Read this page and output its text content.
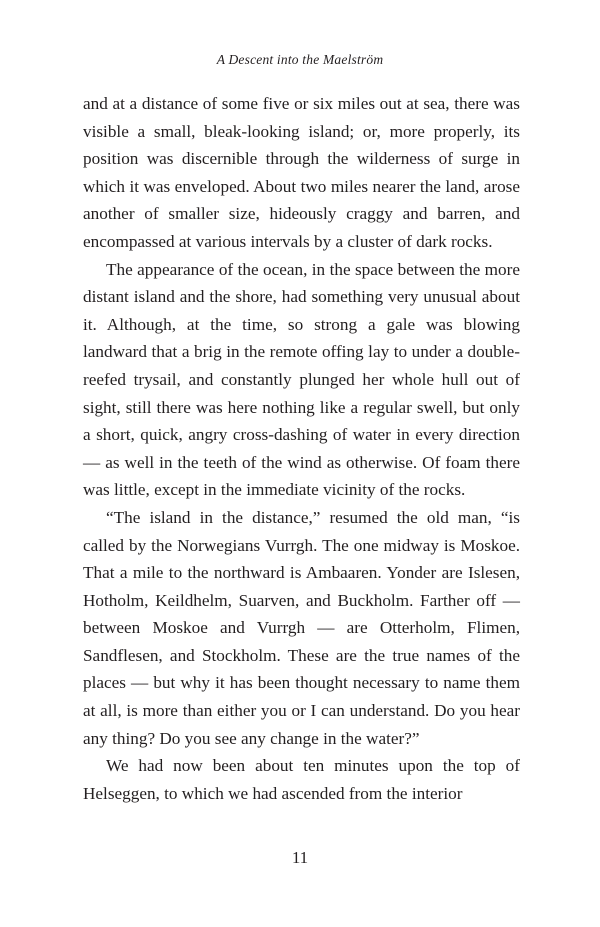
A Descent into the Maelström

and at a distance of some five or six miles out at sea, there was visible a small, bleak-looking island; or, more properly, its position was discernible through the wilderness of surge in which it was enveloped. About two miles nearer the land, arose another of smaller size, hideously craggy and barren, and encompassed at various intervals by a cluster of dark rocks.

The appearance of the ocean, in the space between the more distant island and the shore, had something very unusual about it. Although, at the time, so strong a gale was blowing landward that a brig in the remote offing lay to under a double-reefed trysail, and constantly plunged her whole hull out of sight, still there was here nothing like a regular swell, but only a short, quick, angry cross-dashing of water in every direction — as well in the teeth of the wind as otherwise. Of foam there was little, except in the immediate vicinity of the rocks.

“The island in the distance,” resumed the old man, “is called by the Norwegians Vurrgh. The one midway is Moskoe. That a mile to the northward is Ambaaren. Yonder are Islesen, Hotholm, Keildhelm, Suarven, and Buckholm. Farther off — between Moskoe and Vurrgh — are Otterholm, Flimen, Sandflesen, and Stockholm. These are the true names of the places — but why it has been thought necessary to name them at all, is more than either you or I can understand. Do you hear any thing? Do you see any change in the water?”

We had now been about ten minutes upon the top of Helseggen, to which we had ascended from the interior

11
